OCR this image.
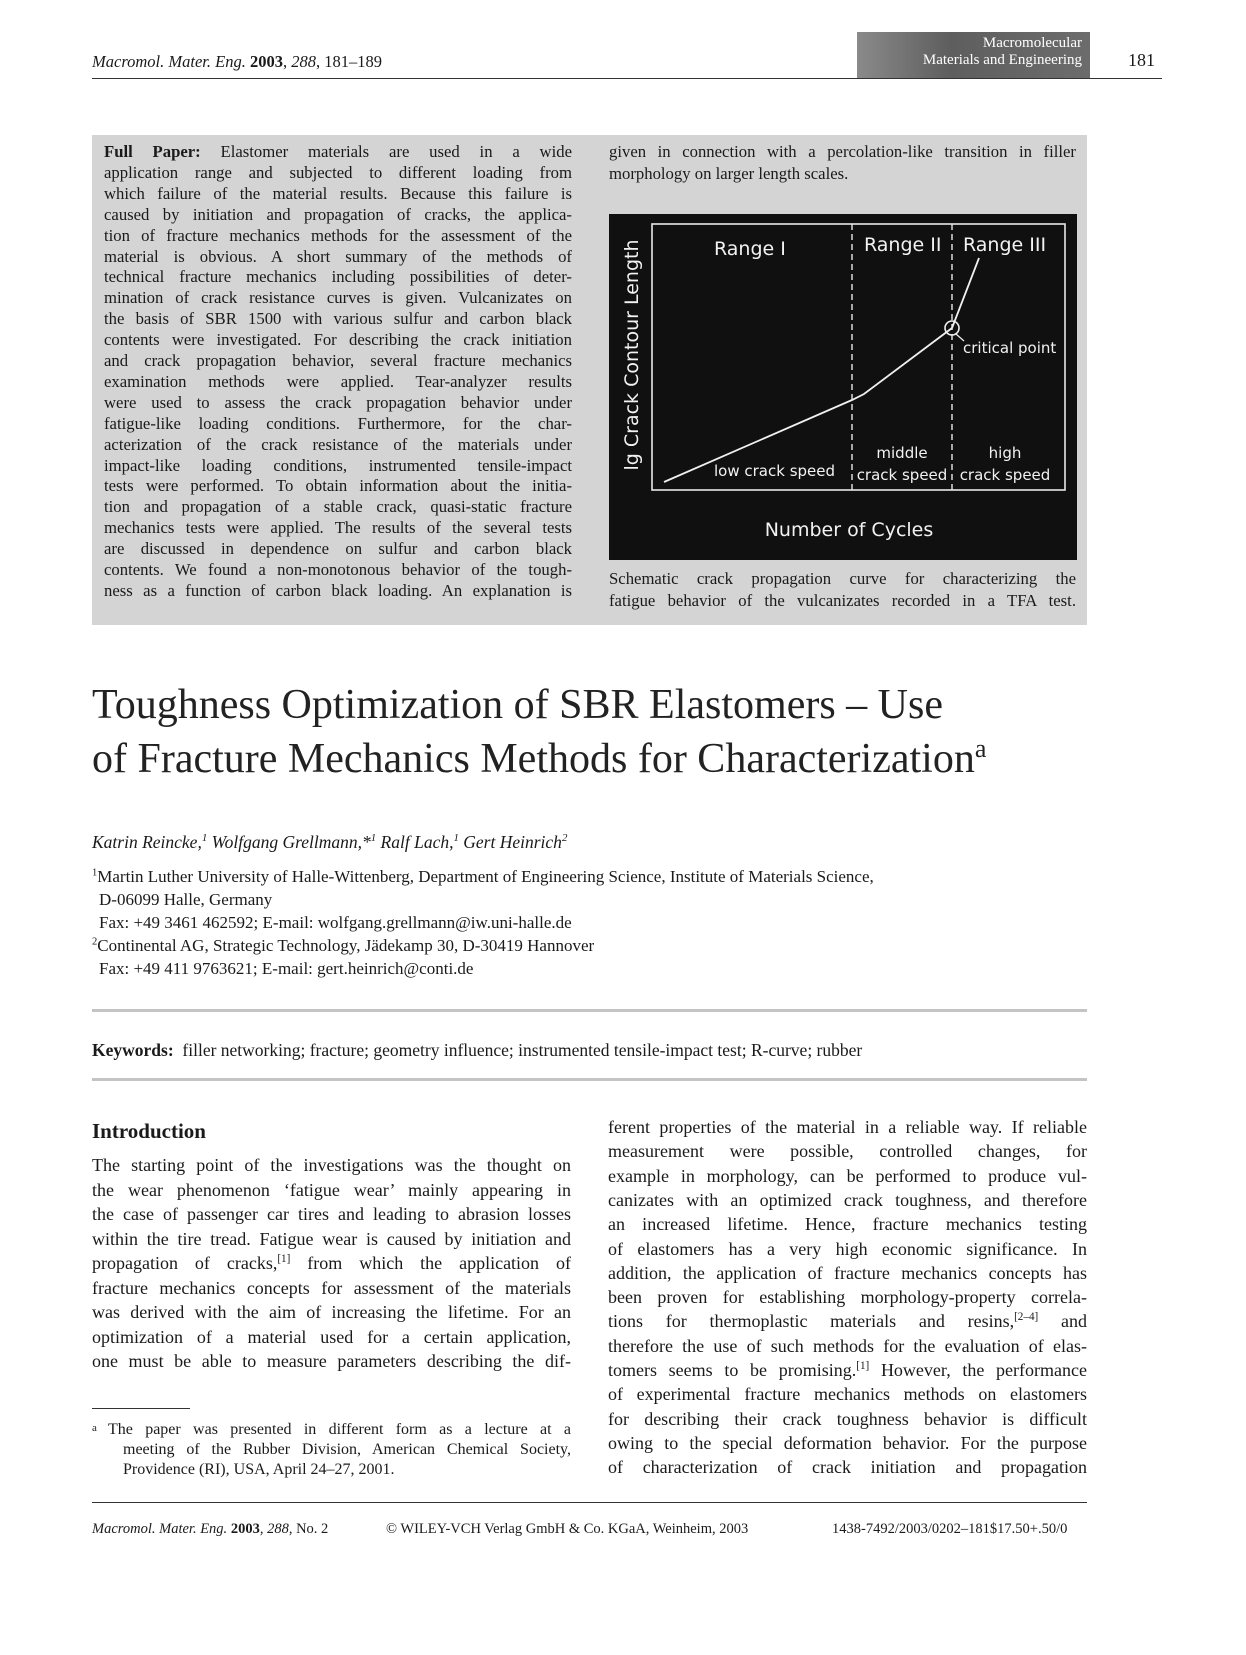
Macromol. Mater. Eng. 2003, 288, 181–189
Macromolecular
Materials and Engineering	181
given in connection with a percolation-like transition in filler
morphology on larger length scales.
Range I	Range II Range III
critical point
low crack speed
middle
crack speed
high
crack speed
Number of Cycles
lg Crack Contour Length
Schematic crack propagation curve for characterizing the
fatigue behavior of the vulcanizates recorded in a TFA test.
Toughness Optimization of SBR Elastomers – Use
of Fracture Mechanics Methods for Characterization$^a$
Katrin Reincke,$^1$ Wolfgang Grellmann,*$^1$ Ralf Lach,$^1$ Gert Heinrich$^2$
$^1$Martin Luther University of Halle-Wittenberg, Department of Engineering Science, Institute of Materials Science,
D-06099 Halle, Germany
Fax: +49 3461 462592; E-mail: wolfgang.grellmann@iw.uni-halle.de
$^2$Continental AG, Strategic Technology, Jädekamp 30, D-30419 Hannover
Fax: +49 411 9763621; E-mail: gert.heinrich@conti.de
Keywords: filler networking; fracture; geometry influence; instrumented tensile-impact test; R-curve; rubber
Introduction
a The paper was presented in different form as a lecture at a
meeting of the Rubber Division, American Chemical Society,
Providence (RI), USA, April 24–27, 2001.
Macromol. Mater. Eng. 2003, 288, No. 2	© WILEY-VCH Verlag GmbH & Co. KGaA, Weinheim, 2003	1438-7492/2003/0202–181$17.50+.50/0
Full Paper: Elastomer materials are used in a wide
application range and subjected to different loading from
which failure of the material results. Because this failure is
caused by initiation and propagation of cracks, the applica-
tion of fracture mechanics methods for the assessment of the
material is obvious. A short summary of the methods of
technical fracture mechanics including possibilities of deter-
mination of crack resistance curves is given. Vulcanizates on
the basis of SBR 1500 with various sulfur and carbon black
contents were investigated. For describing the crack initiation
and crack propagation behavior, several fracture mechanics
examination methods were applied. Tear-analyzer results
were used to assess the crack propagation behavior under
fatigue-like loading conditions. Furthermore, for the char-
acterization of the crack resistance of the materials under
impact-like loading conditions, instrumented tensile-impact
tests were performed. To obtain information about the initia-
tion and propagation of a stable crack, quasi-static fracture
mechanics tests were applied. The results of the several tests
are discussed in dependence on sulfur and carbon black
contents. We found a non-monotonous behavior of the tough-
ness as a function of carbon black loading. An explanation is
The starting point of the investigations was the thought on
the wear phenomenon ‘fatigue wear’ mainly appearing in
the case of passenger car tires and leading to abrasion losses
within the tire tread. Fatigue wear is caused by initiation and
propagation of cracks,[1] from which the application of
fracture mechanics concepts for assessment of the materials
was derived with the aim of increasing the lifetime. For an
optimization of a material used for a certain application,
one must be able to measure parameters describing the dif-
ferent properties of the material in a reliable way. If reliable
measurement were possible, controlled changes, for
example in morphology, can be performed to produce vul-
canizates with an optimized crack toughness, and therefore
an increased lifetime. Hence, fracture mechanics testing
of elastomers has a very high economic significance. In
addition, the application of fracture mechanics concepts has
been proven for establishing morphology-property correla-
tions for thermoplastic materials and resins,[2–4] and
therefore the use of such methods for the evaluation of elas-
tomers seems to be promising.[1] However, the performance
of experimental fracture mechanics methods on elastomers
for describing their crack toughness behavior is difficult
owing to the special deformation behavior. For the purpose
of characterization of crack initiation and propagation
